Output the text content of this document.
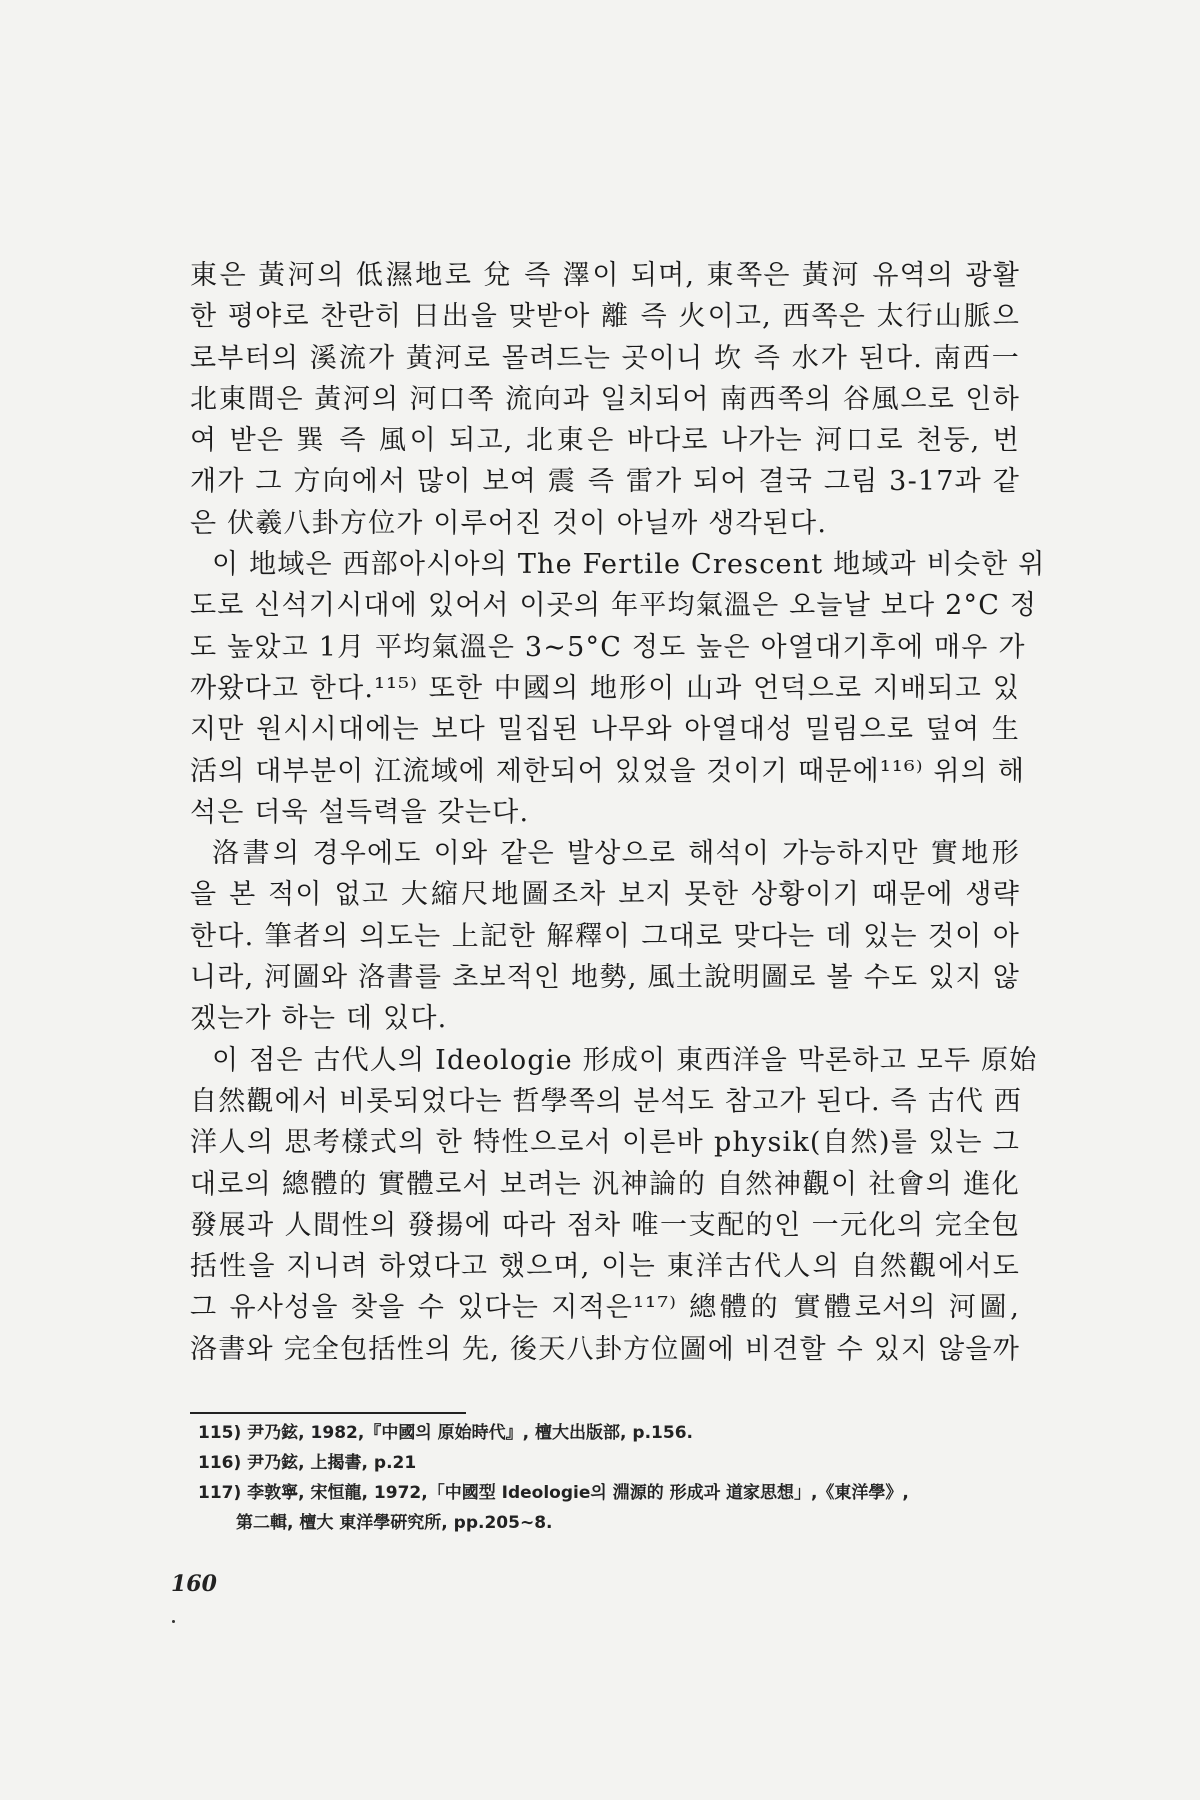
東은 黃河의 低濕地로 兌 즉 澤이 되며, 東쪽은 黃河 유역의 광활
한 평야로 찬란히 日出을 맞받아 離 즉 火이고, 西쪽은 太行山脈으
로부터의 溪流가 黃河로 몰려드는 곳이니 坎 즉 水가 된다. 南西一
北東間은 黃河의 河口쪽 流向과 일치되어 南西쪽의 谷風으로 인하
여 받은 巽 즉 風이 되고, 北東은 바다로 나가는 河口로 천둥, 번
개가 그 方向에서 많이 보여 震 즉 雷가 되어 결국 그림 3-17과 같
은 伏羲八卦方位가 이루어진 것이 아닐까 생각된다.
이 地域은 西部아시아의 The Fertile Crescent 地域과 비슷한 위
도로 신석기시대에 있어서 이곳의 年平均氣溫은 오늘날 보다 2°C 정
도 높았고 1月 平均氣溫은 3∼5°C 정도 높은 아열대기후에 매우 가
까왔다고 한다.¹¹⁵⁾ 또한 中國의 地形이 山과 언덕으로 지배되고 있
지만 원시시대에는 보다 밀집된 나무와 아열대성 밀림으로 덮여 生
活의 대부분이 江流域에 제한되어 있었을 것이기 때문에¹¹⁶⁾ 위의 해
석은 더욱 설득력을 갖는다.
洛書의 경우에도 이와 같은 발상으로 해석이 가능하지만 實地形
을 본 적이 없고 大縮尺地圖조차 보지 못한 상황이기 때문에 생략
한다. 筆者의 의도는 上記한 解釋이 그대로 맞다는 데 있는 것이 아
니라, 河圖와 洛書를 초보적인 地勢, 風土說明圖로 볼 수도 있지 않
겠는가 하는 데 있다.
이 점은 古代人의 Ideologie 形成이 東西洋을 막론하고 모두 原始
自然觀에서 비롯되었다는 哲學쪽의 분석도 참고가 된다. 즉 古代 西
洋人의 思考樣式의 한 特性으로서 이른바 physik(自然)를 있는 그
대로의 總體的 實體로서 보려는 汎神論的 自然神觀이 社會의 進化
發展과 人間性의 發揚에 따라 점차 唯一支配的인 一元化의 完全包
括性을 지니려 하였다고 했으며, 이는 東洋古代人의 自然觀에서도
그 유사성을 찾을 수 있다는 지적은¹¹⁷⁾ 總體的 實體로서의 河圖,
洛書와 完全包括性의 先, 後天八卦方位圖에 비견할 수 있지 않을까
115) 尹乃鉉, 1982,『中國의 原始時代』, 檀大出版部, p.156.
116) 尹乃鉉, 上揭書, p.21
117) 李敦寧, 宋恒龍, 1972,「中國型 Ideologie의 淵源的 形成과 道家思想」,《東洋學》,
第二輯, 檀大 東洋學硏究所, pp.205∼8.
160
